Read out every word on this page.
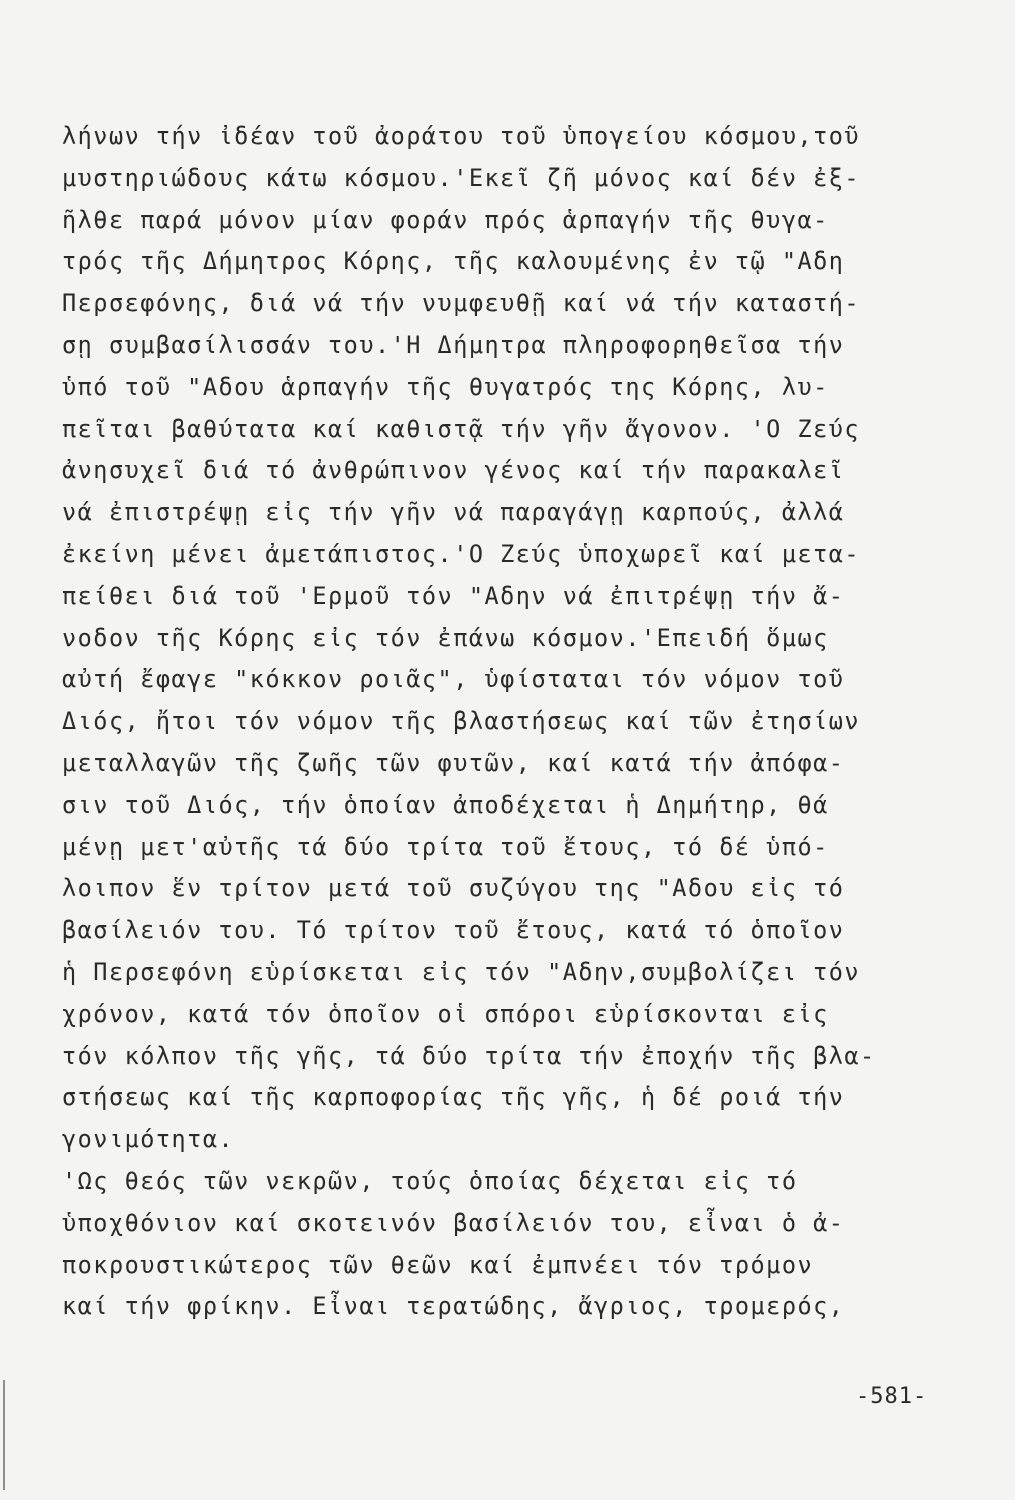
λήνων τήν ἰδέαν τοῦ ἀοράτου τοῦ ὑπογείου κόσμου,τοῦ
μυστηριώδους κάτω κόσμου.'Εκεῖ ζῆ μόνος καί δέν ἐξ-
ῆλθε παρά μόνον μίαν φοράν πρός ἁρπαγήν τῆς θυγα-
τρός τῆς Δήμητρος Κόρης, τῆς καλουμένης ἐν τῷ "Αδη
Περσεφόνης, διά νά τήν νυμφευθῇ καί νά τήν καταστή-
σῃ συμβασίλισσάν του.'Η Δήμητρα πληροφορηθεῖσα τήν
ὑπό τοῦ "Αδου ἁρπαγήν τῆς θυγατρός της Κόρης, λυ-
πεῖται βαθύτατα καί καθιστᾷ τήν γῆν ἄγονον. 'Ο Ζεύς
ἀνησυχεῖ διά τό ἀνθρώπινον γένος καί τήν παρακαλεῖ
νά ἐπιστρέψῃ εἰς τήν γῆν νά παραγάγῃ καρπούς, ἀλλά
ἐκείνη μένει ἀμετάπιστος.'Ο Ζεύς ὑποχωρεῖ καί μετα-
πείθει διά τοῦ 'Ερμοῦ τόν "Αδην νά ἐπιτρέψῃ τήν ἄ-
νοδον τῆς Κόρης εἰς τόν ἐπάνω κόσμον.'Επειδή ὅμως
αὐτή ἔφαγε "κόκκον ροιᾶς", ὑφίσταται τόν νόμον τοῦ
Διός, ἤτοι τόν νόμον τῆς βλαστήσεως καί τῶν ἐτησίων
μεταλλαγῶν τῆς ζωῆς τῶν φυτῶν, καί κατά τήν ἀπόφα-
σιν τοῦ Διός, τήν ὁποίαν ἀποδέχεται ἡ Δημήτηρ, θά
μένῃ μετ'αὐτῆς τά δύο τρίτα τοῦ ἔτους, τό δέ ὑπό-
λοιπον ἕν τρίτον μετά τοῦ συζύγου της "Αδου εἰς τό
βασίλειόν του. Τό τρίτον τοῦ ἔτους, κατά τό ὁποῖον
ἡ Περσεφόνη εὑρίσκεται εἰς τόν "Αδην,συμβολίζει τόν
χρόνον, κατά τόν ὁποῖον οἱ σπόροι εὑρίσκονται εἰς
τόν κόλπον τῆς γῆς, τά δύο τρίτα τήν ἐποχήν τῆς βλα-
στήσεως καί τῆς καρποφορίας τῆς γῆς, ἡ δέ ροιά τήν
γονιμότητα.
'Ως θεός τῶν νεκρῶν, τούς ὁποίας δέχεται εἰς τό
ὑποχθόνιον καί σκοτεινόν βασίλειόν του, εἶναι ὁ ἀ-
ποκρουστικώτερος τῶν θεῶν καί ἐμπνέει τόν τρόμον
καί τήν φρίκην. Εἶναι τερατώδης, ἄγριος, τρομερός,
-581-
